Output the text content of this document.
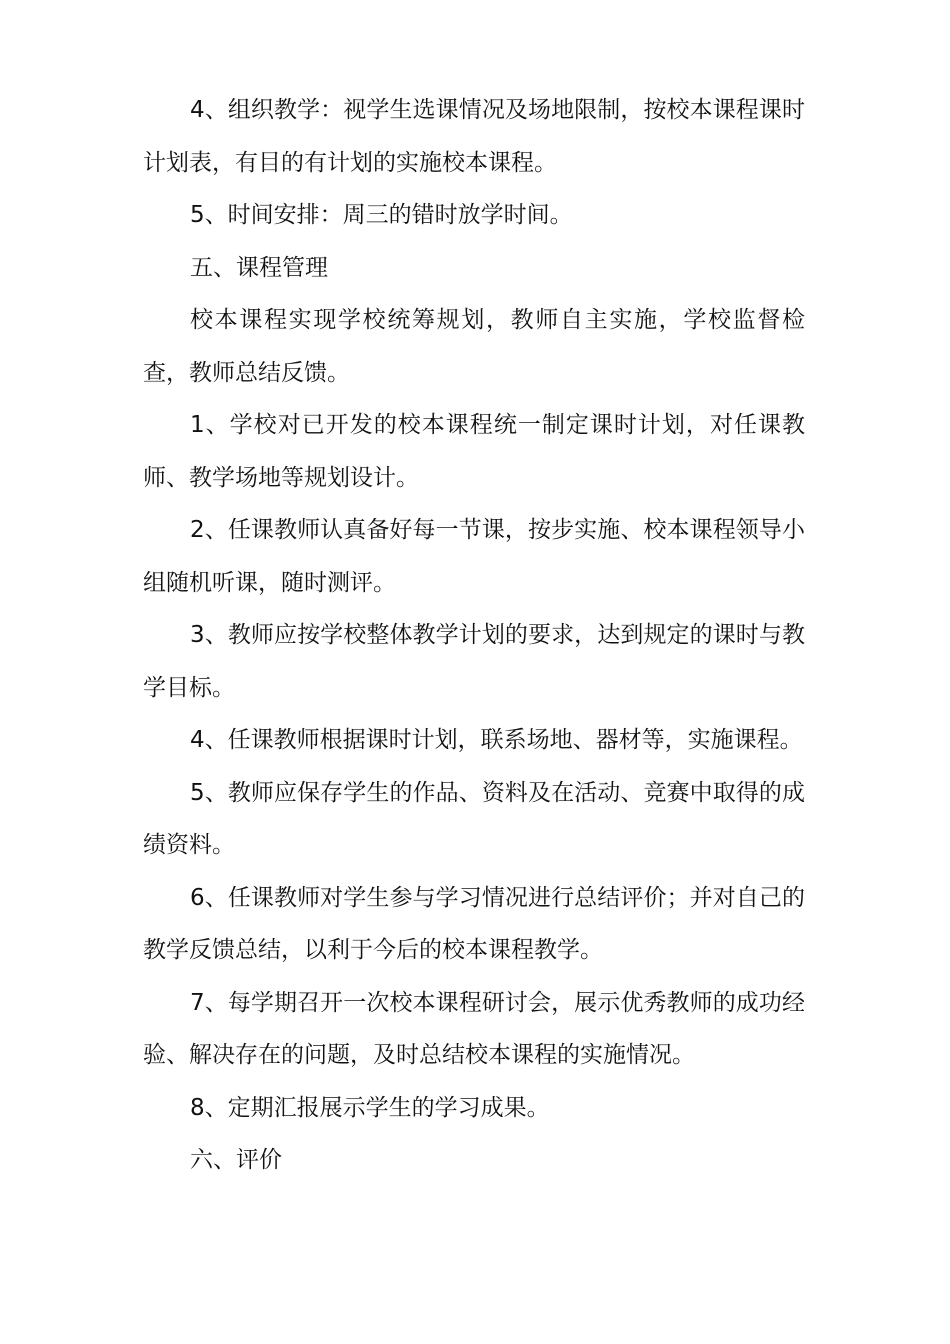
4、组织教学：视学生选课情况及场地限制，按校本课程课时计划表，有目的有计划的实施校本课程。

5、时间安排：周三的错时放学时间。

五、课程管理

校本课程实现学校统筹规划，教师自主实施，学校监督检查，教师总结反馈。

1、学校对已开发的校本课程统一制定课时计划，对任课教师、教学场地等规划设计。

2、任课教师认真备好每一节课，按步实施、校本课程领导小组随机听课，随时测评。

3、教师应按学校整体教学计划的要求，达到规定的课时与教学目标。

4、任课教师根据课时计划，联系场地、器材等，实施课程。

5、教师应保存学生的作品、资料及在活动、竞赛中取得的成绩资料。

6、任课教师对学生参与学习情况进行总结评价；并对自己的教学反馈总结，以利于今后的校本课程教学。

7、每学期召开一次校本课程研讨会，展示优秀教师的成功经验、解决存在的问题，及时总结校本课程的实施情况。

8、定期汇报展示学生的学习成果。

六、评价
